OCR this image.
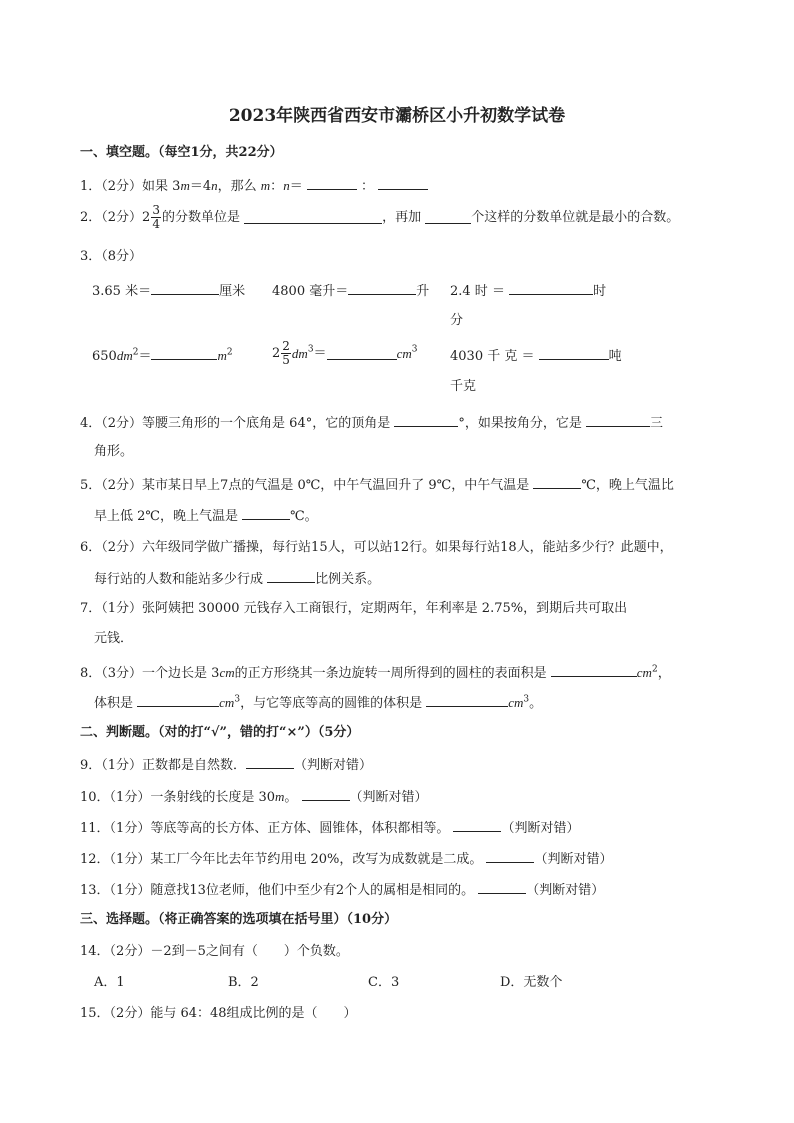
2023年陕西省西安市灞桥区小升初数学试卷
一、填空题。（每空1分，共22分）
1．（2分）如果 3m＝4n，那么 m：n＝	：
2．（2分）$2 \frac{3}{4}$ 的分数单位是	，再加	个这样的分数单位就是最小的合数。
3．（8分）
3.65 米＝	厘米 4800 毫升＝	升 2.4 时 ＝	时
分
$650dm^2=$	$m^2$	$2 \frac{2}{5} dm^3=$	$cm^3$	4030 千 克 ＝	吨
千克
4．（2分）等腰三角形的一个底角是 64°，它的顶角是	°，如果按角分，它是	三
角形。
5．（2分）某市某日早上7点的气温是 0℃，中午气温回升了 9℃，中午气温是	℃，晚上气温比
早上低 2℃，晚上气温是	℃。
6．（2分）六年级同学做广播操，每行站15人，可以站12行。如果每行站18人，能站多少行？此题中，
每行站的人数和能站多少行成	比例关系。
7．（1分）张阿姨把 30000 元钱存入工商银行，定期两年，年利率是 2.75%，到期后共可取出
元钱．
8．（3分）一个边长是 3cm的正方形绕其一条边旋转一周所得到的圆柱的表面积是	$cm^2$，
体积是	$cm^3$，与它等底等高的圆锥的体积是	$cm^3$。
二、判断题。（对的打“√”，错的打“×”）（5分）
9．（1分）正数都是自然数．	（判断对错）
10．（1分）一条射线的长度是 30m。	（判断对错）
11．（1分）等底等高的长方体、正方体、圆锥体，体积都相等。	（判断对错）
12．（1分）某工厂今年比去年节约用电 20%，改写为成数就是二成。	（判断对错）
13．（1分）随意找13位老师，他们中至少有2个人的属相是相同的。	（判断对错）
三、选择题。（将正确答案的选项填在括号里）（10分）
14．（2分）－2到－5之间有（　　）个负数。
A．1	B．2	C．3	D．无数个
15．（2分）能与 64：48组成比例的是（　　）
